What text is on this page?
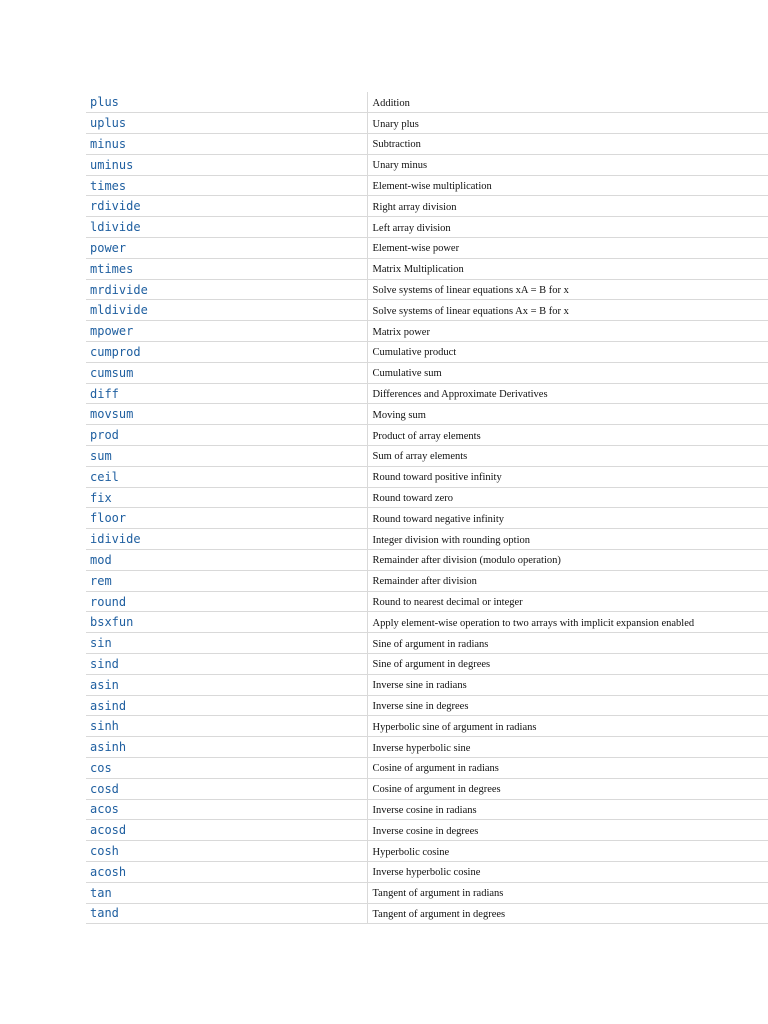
plus	Addition
uplus	Unary plus
minus	Subtraction
uminus	Unary minus
times	Element-wise multiplication
rdivide	Right array division
ldivide	Left array division
power	Element-wise power
mtimes	Matrix Multiplication
mrdivide	Solve systems of linear equations xA = B for x
mldivide	Solve systems of linear equations Ax = B for x
mpower	Matrix power
cumprod	Cumulative product
cumsum	Cumulative sum
diff	Differences and Approximate Derivatives
movsum	Moving sum
prod	Product of array elements
sum	Sum of array elements
ceil	Round toward positive infinity
fix	Round toward zero
floor	Round toward negative infinity
idivide	Integer division with rounding option
mod	Remainder after division (modulo operation)
rem	Remainder after division
round	Round to nearest decimal or integer
bsxfun	Apply element-wise operation to two arrays with implicit expansion enabled
sin	Sine of argument in radians
sind	Sine of argument in degrees
asin	Inverse sine in radians
asind	Inverse sine in degrees
sinh	Hyperbolic sine of argument in radians
asinh	Inverse hyperbolic sine
cos	Cosine of argument in radians
cosd	Cosine of argument in degrees
acos	Inverse cosine in radians
acosd	Inverse cosine in degrees
cosh	Hyperbolic cosine
acosh	Inverse hyperbolic cosine
tan	Tangent of argument in radians
tand	Tangent of argument in degrees
